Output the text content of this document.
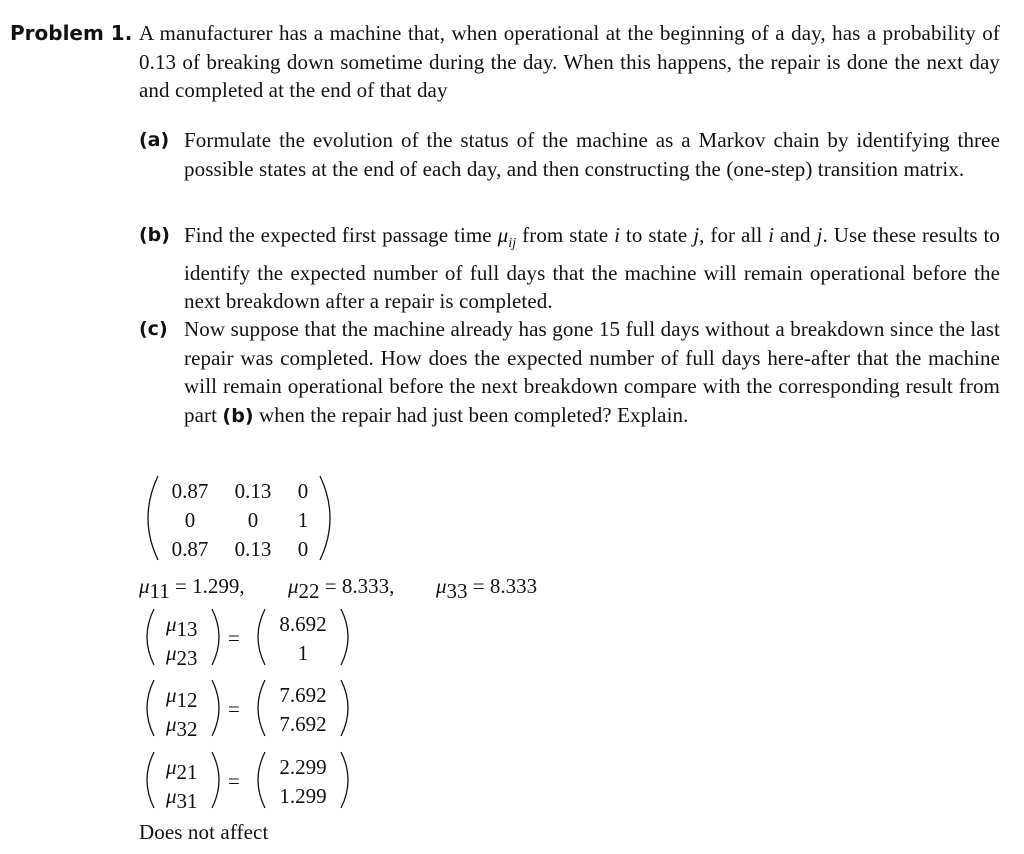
Problem 1. A manufacturer has a machine that, when operational at the beginning of a day, has a probability of 0.13 of breaking down sometime during the day. When this happens, the repair is done the next day and completed at the end of that day
(a) Formulate the evolution of the status of the machine as a Markov chain by identifying three possible states at the end of each day, and then constructing the (one-step) transition matrix.
(b) Find the expected first passage time $\mu_{ij}$ from state i to state j, for all i and j. Use these results to identify the expected number of full days that the machine will remain operational before the next breakdown after a repair is completed.
(c) Now suppose that the machine already has gone 15 full days without a breakdown since the last repair was completed. How does the expected number of full days here-after that the machine will remain operational before the next breakdown compare with the corresponding result from part (b) when the repair had just been completed? Explain.
0.87 0.13 0
0	0 1
0.87 0.13 0
μ11 = 1.299, μ22 = 8.333, μ33 = 8.333
μ13
μ23
=
8.692
1
μ12
μ32
=
7.692
7.692
μ21
μ31
=
2.299
1.299
Does not affect
